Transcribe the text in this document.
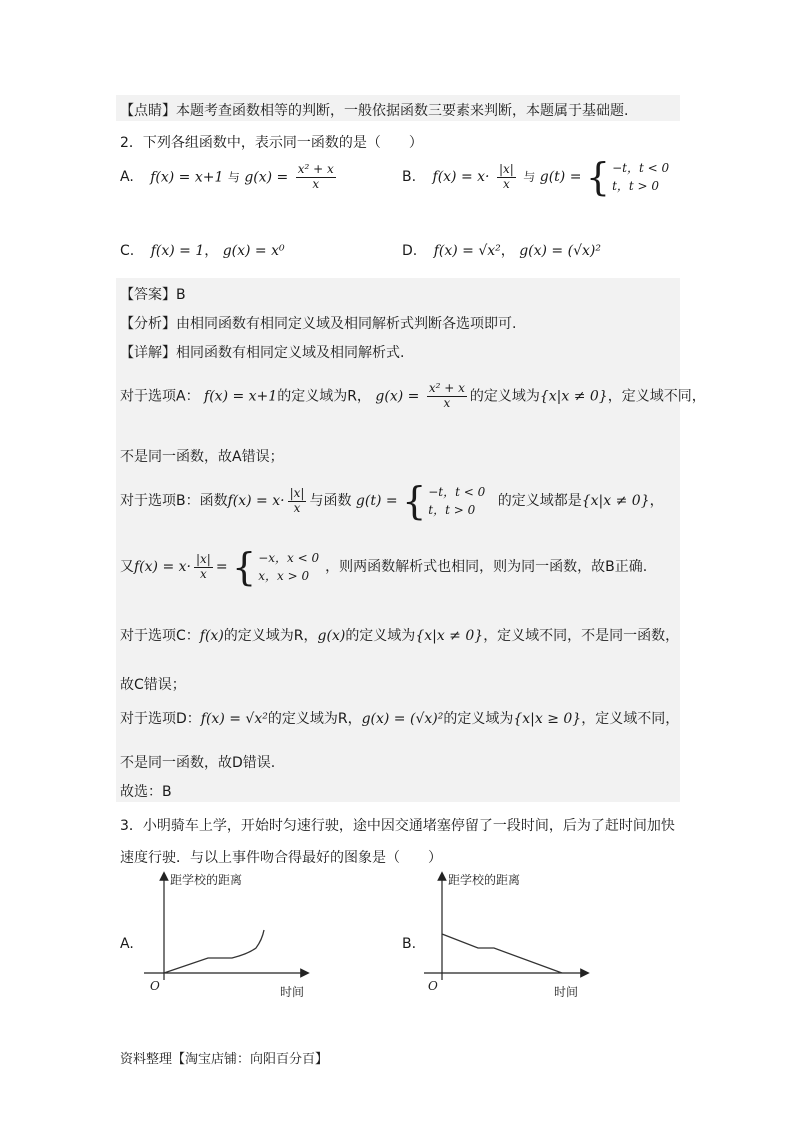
【点睛】本题考查函数相等的判断，一般依据函数三要素来判断，本题属于基础题.
2．下列各组函数中，表示同一函数的是（　　）
A. f(x) = x+1 与 $g(x) = \frac{\text{x² + x}}{x}$	B. $f(x) = x\cdot \frac{|x|}{x}$ 与 g(t) = { −t，t < 0
t，t > 0
C. f(x) = 1， g(x) = x⁰	D. f(x) = √x²， g(x) = (√x)²
【答案】B
【分析】由相同函数有相同定义域及相同解析式判断各选项即可.
【详解】相同函数有相同定义域及相同解析式.
对于选项A： f(x) = x+1的定义域为R， $g(x) = \frac{\text{x² + x}}{x}$ 的定义域为{x|x ≠ 0}，定义域不同，
不是同一函数，故A错误；
对于选项B：函数$f(x) = x\cdot \frac{|x|}{x}$ 与函数 g(t) = { −t，t < 0
t，t > 0
的定义域都是{x|x ≠ 0}，
又$f(x) = x\cdot \frac{|x|}{x}$ = { −x，x < 0
x，x > 0
，则两函数解析式也相同，则为同一函数，故B正确.
对于选项C：f(x)的定义域为R，g(x)的定义域为{x|x ≠ 0}，定义域不同，不是同一函数，
故C错误；
对于选项D：f(x) = √x²的定义域为R，g(x) = (√x)²的定义域为{x|x ≥ 0}，定义域不同，
不是同一函数，故D错误.
故选：B
3．小明骑车上学，开始时匀速行驶，途中因交通堵塞停留了一段时间，后为了赶时间加快
速度行驶．与以上事件吻合得最好的图象是（　　）
A.
距学校的距离
时间
O
B.
距学校的距离
时间
O
资料整理【淘宝店铺：向阳百分百】
